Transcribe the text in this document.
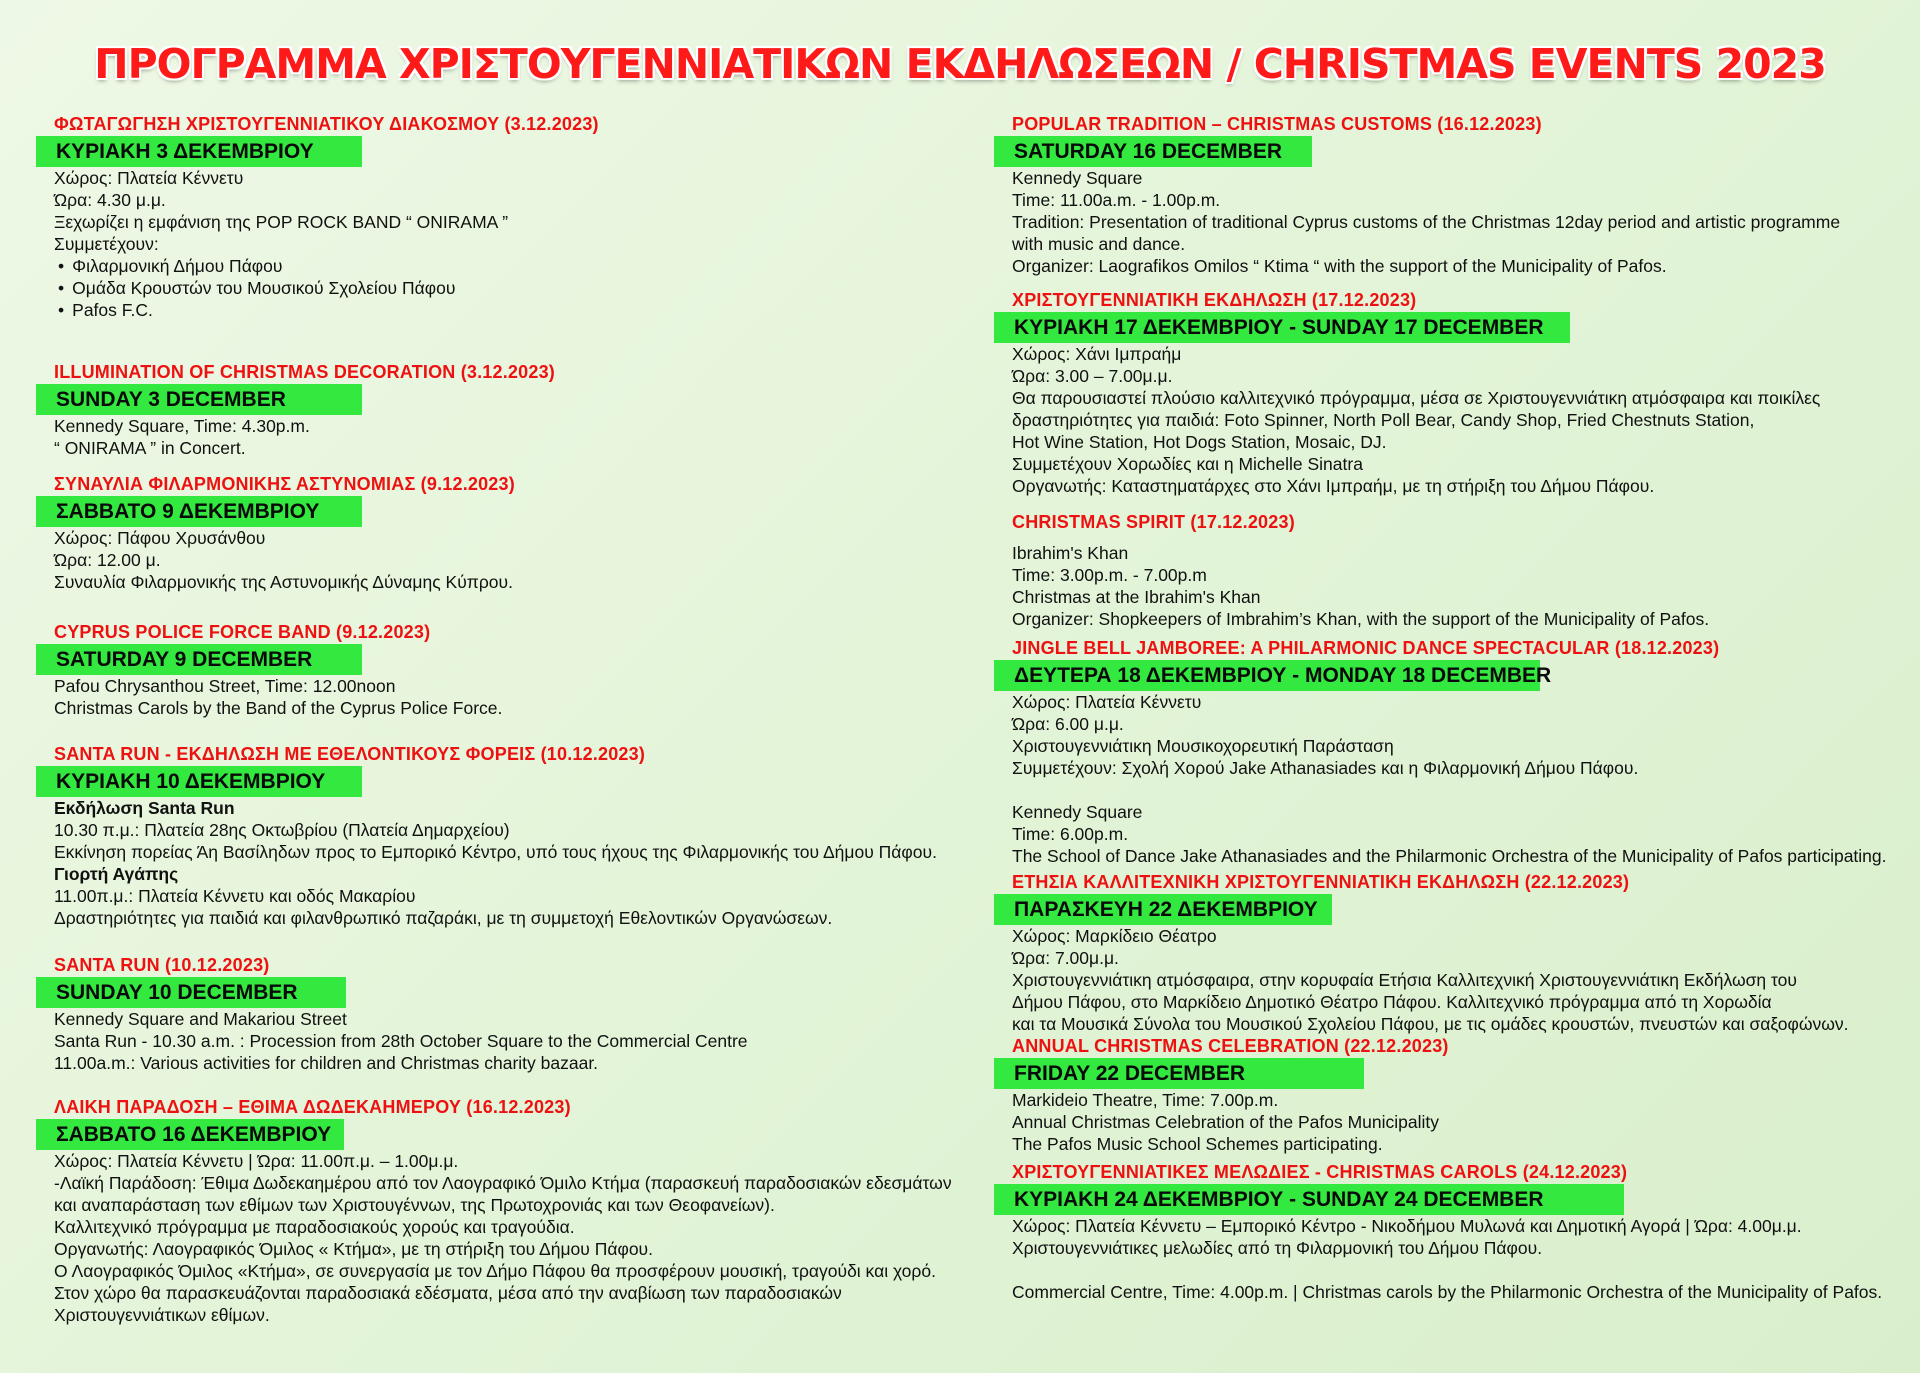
ΠΡΟΓΡΑΜΜΑ ΧΡΙΣΤΟΥΓΕΝΝΙΑΤΙΚΩΝ ΕΚΔΗΛΩΣΕΩΝ / CHRISTMAS EVENTS 2023
ΦΩΤΑΓΩΓΗΣΗ ΧΡΙΣΤΟΥΓΕΝΝΙΑΤΙΚΟΥ ΔΙΑΚΟΣΜΟΥ (3.12.2023)
ΚΥΡΙΑΚΗ 3 ΔΕΚΕΜΒΡΙΟΥ
Χώρος: Πλατεία Κέννετυ
Ώρα: 4.30 μ.μ.
Ξεχωρίζει η εμφάνιση της POP ROCK BAND “ ONIRAMA ”
Συμμετέχουν:
• Φιλαρμονική Δήμου Πάφου
• Ομάδα Κρουστών του Μουσικού Σχολείου Πάφου
• Pafos F.C.
ILLUMINATION OF CHRISTMAS DECORATION (3.12.2023)
SUNDAY 3 DECEMBER
Kennedy Square, Time: 4.30p.m.
“ ONIRAMA ” in Concert.
ΣΥΝΑΥΛΙΑ ΦΙΛΑΡΜΟΝΙΚΗΣ ΑΣΤΥΝΟΜΙΑΣ (9.12.2023)
ΣΑΒΒΑΤΟ 9 ΔΕΚΕΜΒΡΙΟΥ
Χώρος: Πάφου Χρυσάνθου
Ώρα: 12.00 μ.
Συναυλία Φιλαρμονικής της Αστυνομικής Δύναμης Κύπρου.
CYPRUS POLICE FORCE BAND (9.12.2023)
SATURDAY 9 DECEMBER
Pafou Chrysanthou Street, Time: 12.00noon
Christmas Carols by the Band of the Cyprus Police Force.
SANTA RUN - ΕΚΔΗΛΩΣΗ ΜΕ ΕΘΕΛΟΝΤΙΚΟΥΣ ΦΟΡΕΙΣ (10.12.2023)
ΚΥΡΙΑΚΗ 10 ΔΕΚΕΜΒΡΙΟΥ
Εκδήλωση Santa Run
10.30 π.μ.: Πλατεία 28ης Οκτωβρίου (Πλατεία Δημαρχείου)
Εκκίνηση πορείας Άη Βασίληδων προς το Εμπορικό Κέντρο, υπό τους ήχους της Φιλαρμονικής του Δήμου Πάφου.
Γιορτή Αγάπης
11.00π.μ.: Πλατεία Κέννετυ και οδός Μακαρίου
Δραστηριότητες για παιδιά και φιλανθρωπικό παζαράκι, με τη συμμετοχή Εθελοντικών Οργανώσεων.
SANTA RUN (10.12.2023)
SUNDAY 10 DECEMBER
Kennedy Square and Makariou Street
Santa Run - 10.30 a.m. : Procession from 28th October Square to the Commercial Centre
11.00a.m.: Various activities for children and Christmas charity bazaar.
ΛΑΙΚΗ ΠΑΡΑΔΟΣΗ – ΕΘΙΜΑ ΔΩΔΕΚΑΗΜΕΡΟΥ (16.12.2023)
ΣΑΒΒΑΤΟ 16 ΔΕΚΕΜΒΡΙΟΥ
Χώρος: Πλατεία Κέννετυ | Ώρα: 11.00π.μ. – 1.00μ.μ.
-Λαϊκή Παράδοση: Έθιμα Δωδεκαημέρου από τον Λαογραφικό Όμιλο Κτήμα (παρασκευή παραδοσιακών εδεσμάτων
και αναπαράσταση των εθίμων των Χριστουγέννων, της Πρωτοχρονιάς και των Θεοφανείων).
Καλλιτεχνικό πρόγραμμα με παραδοσιακούς χορούς και τραγούδια.
Οργανωτής: Λαογραφικός Όμιλος « Κτήμα», με τη στήριξη του Δήμου Πάφου.
Ο Λαογραφικός Όμιλος «Κτήμα», σε συνεργασία με τον Δήμο Πάφου θα προσφέρουν μουσική, τραγούδι και χορό.
Στον χώρο θα παρασκευάζονται παραδοσιακά εδέσματα, μέσα από την αναβίωση των παραδοσιακών
Χριστουγεννιάτικων εθίμων.
POPULAR TRADITION – CHRISTMAS CUSTOMS (16.12.2023)
SATURDAY 16 DECEMBER
Kennedy Square
Time: 11.00a.m. - 1.00p.m.
Tradition: Presentation of traditional Cyprus customs of the Christmas 12day period and artistic programme
with music and dance.
Organizer: Laografikos Omilos “ Ktima “ with the support of the Municipality of Pafos.
ΧΡΙΣΤΟΥΓΕΝΝΙΑΤΙΚΗ ΕΚΔΗΛΩΣΗ (17.12.2023)
ΚΥΡΙΑΚΗ 17 ΔΕΚΕΜΒΡΙΟΥ - SUNDAY 17 DECEMBER
Χώρος: Χάνι Ιμπραήμ
Ώρα: 3.00 – 7.00μ.μ.
Θα παρουσιαστεί πλούσιο καλλιτεχνικό πρόγραμμα, μέσα σε Χριστουγεννιάτικη ατμόσφαιρα και ποικίλες
δραστηριότητες για παιδιά: Foto Spinner, North Poll Bear, Candy Shop, Fried Chestnuts Station,
Hot Wine Station, Hot Dogs Station, Mosaic, DJ.
Συμμετέχουν Χορωδίες και η Michelle Sinatra
Οργανωτής: Καταστηματάρχες στο Χάνι Ιμπραήμ, με τη στήριξη του Δήμου Πάφου.
CHRISTMAS SPIRIT (17.12.2023)
Ibrahim's Khan
Time: 3.00p.m. - 7.00p.m
Christmas at the Ibrahim's Khan
Organizer: Shopkeepers of Imbrahim’s Khan, with the support of the Municipality of Pafos.
JINGLE BELL JAMBOREE: A PHILARMONIC DANCE SPECTACULAR (18.12.2023)
ΔΕΥΤΕΡΑ 18 ΔΕΚΕΜΒΡΙΟΥ - MONDAY 18 DECEMBER
Χώρος: Πλατεία Κέννετυ
Ώρα: 6.00 μ.μ.
Χριστουγεννιάτικη Μουσικοχορευτική Παράσταση
Συμμετέχουν: Σχολή Χορού Jake Athanasiades και η Φιλαρμονική Δήμου Πάφου.
Kennedy Square
Time: 6.00p.m.
The School of Dance Jake Athanasiades and the Philarmonic Orchestra of the Municipality of Pafos participating.
ΕΤΗΣΙΑ ΚΑΛΛΙΤΕΧΝΙΚΗ ΧΡΙΣΤΟΥΓΕΝΝΙΑΤΙΚΗ ΕΚΔΗΛΩΣΗ (22.12.2023)
ΠΑΡΑΣΚΕΥΗ 22 ΔΕΚΕΜΒΡΙΟΥ
Χώρος: Μαρκίδειο Θέατρο
Ώρα: 7.00μ.μ.
Χριστουγεννιάτικη ατμόσφαιρα, στην κορυφαία Ετήσια Καλλιτεχνική Χριστουγεννιάτικη Εκδήλωση του
Δήμου Πάφου, στο Μαρκίδειο Δημοτικό Θέατρο Πάφου. Καλλιτεχνικό πρόγραμμα από τη Χορωδία
και τα Μουσικά Σύνολα του Μουσικού Σχολείου Πάφου, με τις ομάδες κρουστών, πνευστών και σαξοφώνων.
ANNUAL CHRISTMAS CELEBRATION (22.12.2023)
FRIDAY 22 DECEMBER
Markideio Theatre, Time: 7.00p.m.
Annual Christmas Celebration of the Pafos Municipality
The Pafos Music School Schemes participating.
ΧΡΙΣΤΟΥΓΕΝΝΙΑΤΙΚΕΣ ΜΕΛΩΔΙΕΣ - CHRISTMAS CAROLS (24.12.2023)
ΚΥΡΙΑΚΗ 24 ΔΕΚΕΜΒΡΙΟΥ - SUNDAY 24 DECEMBER
Χώρος: Πλατεία Κέννετυ – Εμπορικό Κέντρο - Νικοδήμου Μυλωνά και Δημοτική Αγορά | Ώρα: 4.00μ.μ.
Χριστουγεννιάτικες μελωδίες από τη Φιλαρμονική του Δήμου Πάφου.
Commercial Centre, Time: 4.00p.m. | Christmas carols by the Philarmonic Orchestra of the Municipality of Pafos.
